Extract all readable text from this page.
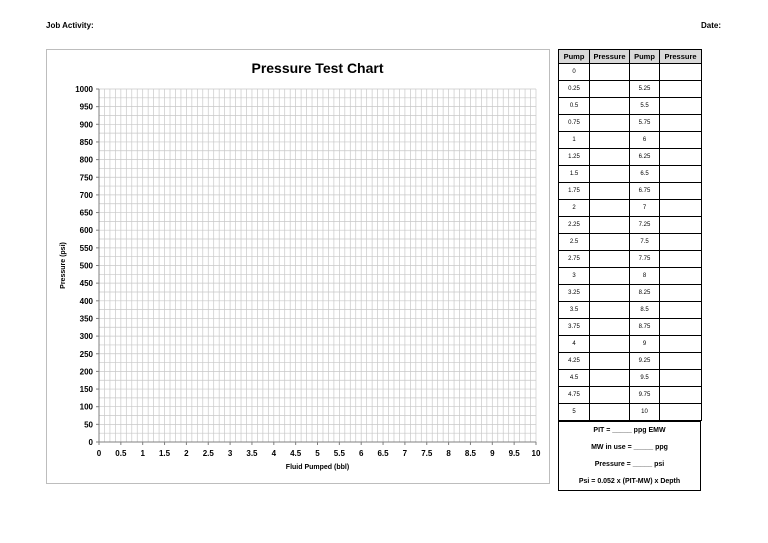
Job Activity:	Date:
0 0.5 1 1.5 2 2.5 3 3.5 4 4.5 5 5.5 6 6.5 7 7.5 8 8.5 9 9.5 10
0
50
100
150
200
250
300
350
400
450
500
550
600
650
700
750
800
850
900
950
1000
Pressure Test Chart
Fluid Pumped (bbl)
Pressure (psi)
Pump	Pressure	Pump	Pressure
0			
0.25		5.25	
0.5		5.5	
0.75		5.75	
1		6	
1.25		6.25	
1.5		6.5	
1.75		6.75	
2		7	
2.25		7.25	
2.5		7.5	
2.75		7.75	
3		8	
3.25		8.25	
3.5		8.5	
3.75		8.75	
4		9	
4.25		9.25	
4.5		9.5	
4.75		9.75	
5		10	
PIT = _____ ppg EMW
MW in use = _____ ppg
Pressure = _____ psi
Psi = 0.052 x (PIT-MW) x Depth
